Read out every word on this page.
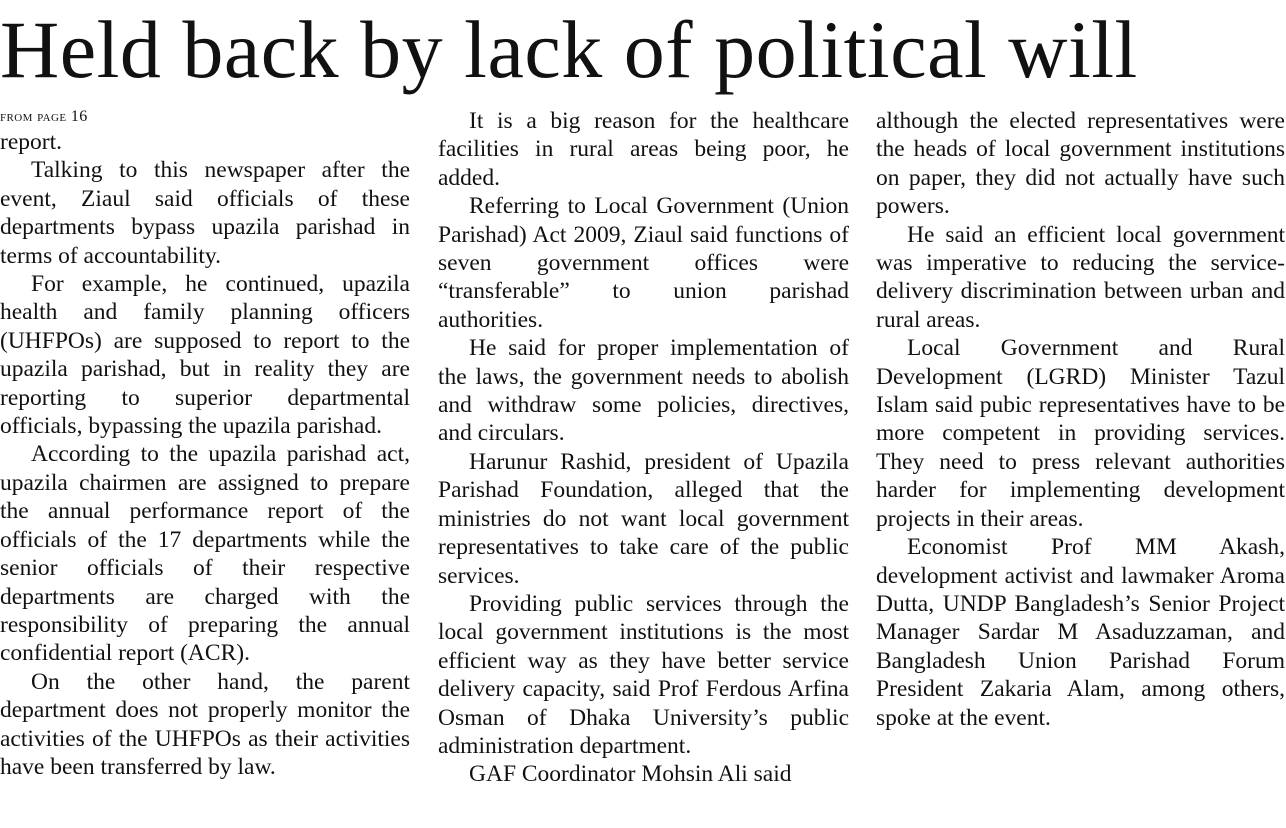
Held back by lack of political will
from page 16

report.

Talking to this newspaper after the event, Ziaul said officials of these departments bypass upazila parishad in terms of accountability.

For example, he continued, upazila health and family planning officers (UHFPOs) are supposed to report to the upazila parishad, but in reality they are reporting to superior departmental officials, bypassing the upazila parishad.

According to the upazila parishad act, upazila chairmen are assigned to prepare the annual performance report of the officials of the 17 departments while the senior officials of their respective departments are charged with the responsibility of preparing the annual confidential report (ACR).

On the other hand, the parent department does not properly monitor the activities of the UHFPOs as their activities have been transferred by law.

It is a big reason for the healthcare facilities in rural areas being poor, he added.

Referring to Local Government (Union Parishad) Act 2009, Ziaul said functions of seven government offices were “transferable” to union parishad authorities.

He said for proper implementation of the laws, the government needs to abolish and withdraw some policies, directives, and circulars.

Harunur Rashid, president of Upazila Parishad Foundation, alleged that the ministries do not want local government representatives to take care of the public services.

Providing public services through the local government institutions is the most efficient way as they have better service delivery capacity, said Prof Ferdous Arfina Osman of Dhaka University’s public administration department.

GAF Coordinator Mohsin Ali said

although the elected representatives were the heads of local government institutions on paper, they did not actually have such powers.

He said an efficient local government was imperative to reducing the service-delivery discrimination between urban and rural areas.

Local Government and Rural Development (LGRD) Minister Tazul Islam said pubic representatives have to be more competent in providing services. They need to press relevant authorities harder for implementing development projects in their areas.

Economist Prof MM Akash, development activist and lawmaker Aroma Dutta, UNDP Bangladesh’s Senior Project Manager Sardar M Asaduzzaman, and Bangladesh Union Parishad Forum President Zakaria Alam, among others, spoke at the event.
